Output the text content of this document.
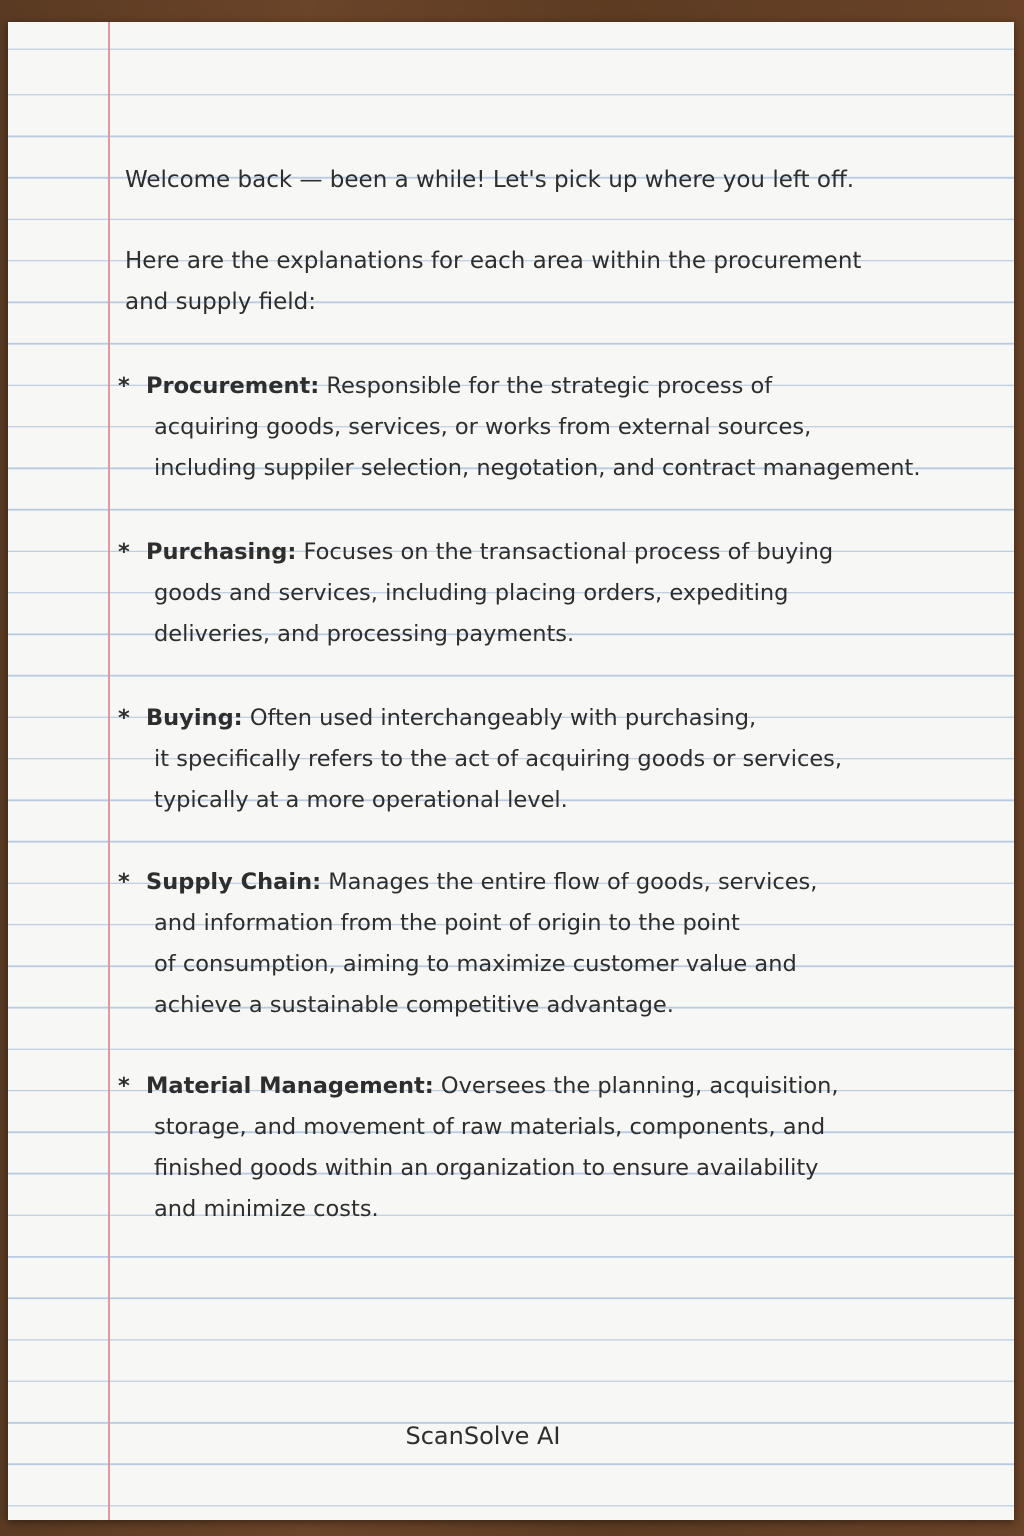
Welcome back — been a while! Let's pick up where you left off.
Here are the explanations for each area within the procurement
and supply field:
* Procurement: Responsible for the strategic process of
acquiring goods, services, or works from external sources,
including suppiler selection, negotation, and contract management.
* Purchasing: Focuses on the transactional process of buying
goods and services, including placing orders, expediting
deliveries, and processing payments.
* Buying: Often used interchangeably with purchasing,
it specifically refers to the act of acquiring goods or services,
typically at a more operational level.
* Supply Chain: Manages the entire flow of goods, services,
and information from the point of origin to the point
of consumption, aiming to maximize customer value and
achieve a sustainable competitive advantage.
* Material Management: Oversees the planning, acquisition,
storage, and movement of raw materials, components, and
finished goods within an organization to ensure availability
and minimize costs.
ScanSolve AI
